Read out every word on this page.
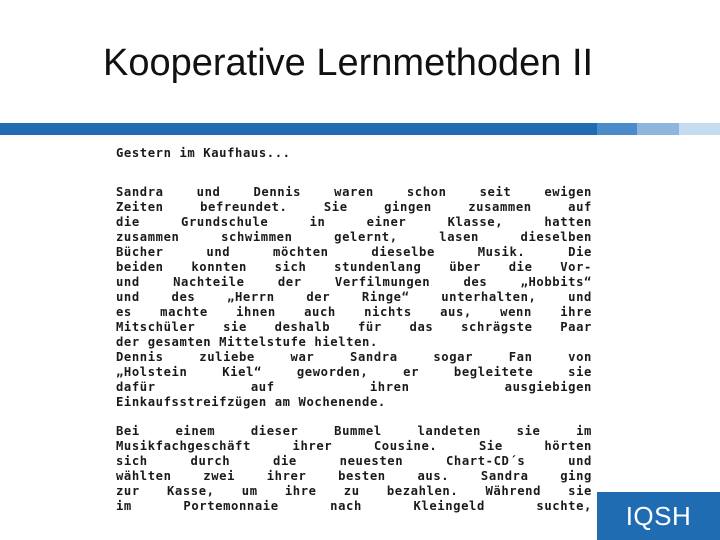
Kooperative Lernmethoden II
Gestern im Kaufhaus...
Sandra und Dennis waren schon seit ewigen
Zeiten befreundet. Sie gingen zusammen auf
die Grundschule in einer Klasse, hatten
zusammen schwimmen gelernt, lasen dieselben
Bücher und möchten dieselbe Musik. Die
beiden konnten sich stundenlang über die Vor-
und Nachteile der Verfilmungen des „Hobbits“
und des „Herrn der Ringe“ unterhalten, und
es machte ihnen auch nichts aus, wenn ihre
Mitschüler sie deshalb für das schrägste Paar
der gesamten Mittelstufe hielten.
Dennis zuliebe war Sandra sogar Fan von
„Holstein Kiel“ geworden, er begleitete sie
dafür auf ihren ausgiebigen
Einkaufsstreifzügen am Wochenende.
Bei einem dieser Bummel landeten sie im
Musikfachgeschäft ihrer Cousine. Sie hörten
sich durch die neuesten Chart-CD´s und
wählten zwei ihrer besten aus. Sandra ging
zur Kasse, um ihre zu bezahlen. Während sie
im Portemonnaie nach Kleingeld suchte,	IQSH
